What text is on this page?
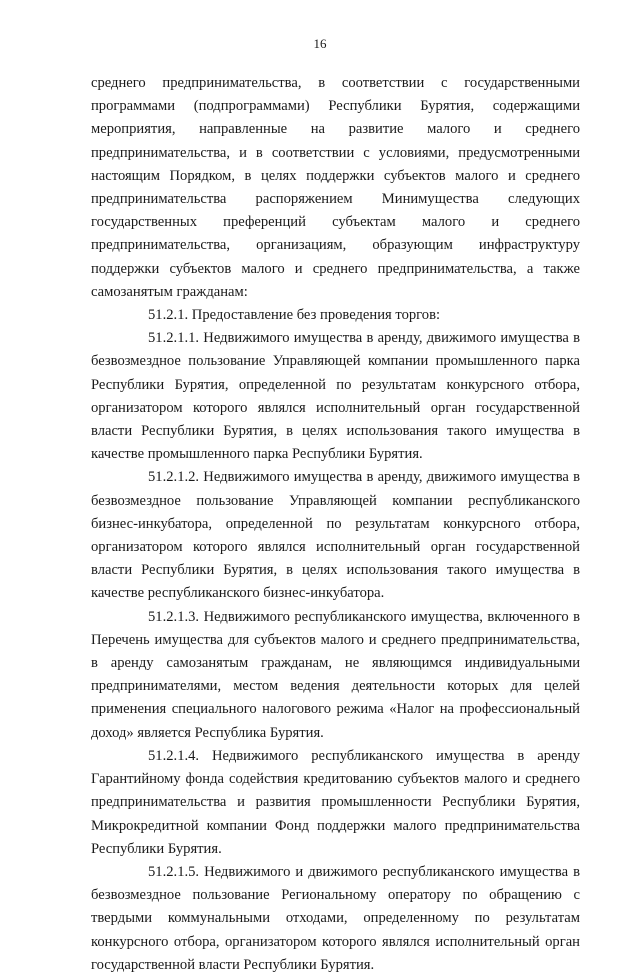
16

среднего предпринимательства, в соответствии с государственными программами (подпрограммами) Республики Бурятия, содержащими мероприятия, направленные на развитие малого и среднего предпринимательства, и в соответствии с условиями, предусмотренными настоящим Порядком, в целях поддержки субъектов малого и среднего предпринимательства распоряжением Минимущества следующих государственных преференций субъектам малого и среднего предпринимательства, организациям, образующим инфраструктуру поддержки субъектов малого и среднего предпринимательства, а также самозанятым гражданам:

51.2.1. Предоставление без проведения торгов:

51.2.1.1. Недвижимого имущества в аренду, движимого имущества в безвозмездное пользование Управляющей компании промышленного парка Республики Бурятия, определенной по результатам конкурсного отбора, организатором которого являлся исполнительный орган государственной власти Республики Бурятия, в целях использования такого имущества в качестве промышленного парка Республики Бурятия.

51.2.1.2. Недвижимого имущества в аренду, движимого имущества в безвозмездное пользование Управляющей компании республиканского бизнес-инкубатора, определенной по результатам конкурсного отбора, организатором которого являлся исполнительный орган государственной власти Республики Бурятия, в целях использования такого имущества в качестве республиканского бизнес-инкубатора.

51.2.1.3. Недвижимого республиканского имущества, включенного в Перечень имущества для субъектов малого и среднего предпринимательства, в аренду самозанятым гражданам, не являющимся индивидуальными предпринимателями, местом ведения деятельности которых для целей применения специального налогового режима «Налог на профессиональный доход» является Республика Бурятия.

51.2.1.4. Недвижимого республиканского имущества в аренду Гарантийному фонда содействия кредитованию субъектов малого и среднего предпринимательства и развития промышленности Республики Бурятия, Микрокредитной компании Фонд поддержки малого предпринимательства Республики Бурятия.

51.2.1.5. Недвижимого и движимого республиканского имущества в безвозмездное пользование Региональному оператору по обращению с твердыми коммунальными отходами, определенному по результатам конкурсного отбора, организатором которого являлся исполнительный орган государственной власти Республики Бурятия.
